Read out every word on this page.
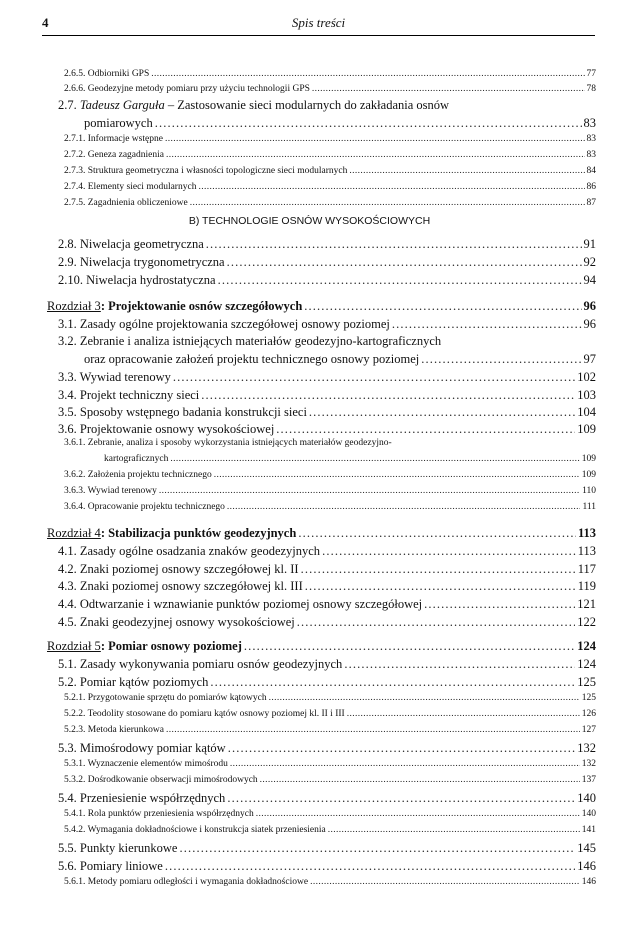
4	Spis treści
2.6.5. Odbiorniki GPS . . .	77
2.6.6. Geodezyjne metody pomiaru przy użyciu technologii GPS . . .	78
2.7. Tadeusz Garguła – Zastosowanie sieci modularnych do zakładania osnów
pomiarowych . . .	83
2.7.1. Informacje wstępne . . .	83
2.7.2. Geneza zagadnienia . . .	83
2.7.3. Struktura geometryczna i własności topologiczne sieci modularnych . . .	84
2.7.4. Elementy sieci modularnych . . .	86
2.7.5. Zagadnienia obliczeniowe . . .	87
B) TECHNOLOGIE OSNÓW WYSOKOŚCIOWYCH
2.8. Niwelacja geometryczna . . .	91
2.9. Niwelacja trygonometryczna . . .	92
2.10. Niwelacja hydrostatyczna . . .	94
Rozdział 3: Projektowanie osnów szczegółowych . . .	96
3.1. Zasady ogólne projektowania szczegółowej osnowy poziomej . . .	96
3.2. Zebranie i analiza istniejących materiałów geodezyjno-kartograficznych
oraz opracowanie założeń projektu technicznego osnowy poziomej . . .	97
3.3. Wywiad terenowy . . .	102
3.4. Projekt techniczny sieci . . .	103
3.5. Sposoby wstępnego badania konstrukcji sieci . . .	104
3.6. Projektowanie osnowy wysokościowej . . .	109
3.6.1. Zebranie, analiza i sposoby wykorzystania istniejących materiałów geodezyjno-
kartograficznych . . .	109
3.6.2. Założenia projektu technicznego . . .	109
3.6.3. Wywiad terenowy . . .	110
3.6.4. Opracowanie projektu technicznego . . .	111
Rozdział 4: Stabilizacja punktów geodezyjnych . . .	113
4.1. Zasady ogólne osadzania znaków geodezyjnych . . .	113
4.2. Znaki poziomej osnowy szczegółowej kl. II . . .	117
4.3. Znaki poziomej osnowy szczegółowej kl. III . . .	119
4.4. Odtwarzanie i wznawianie punktów poziomej osnowy szczegółowej . . .	121
4.5. Znaki geodezyjnej osnowy wysokościowej . . .	122
Rozdział 5: Pomiar osnowy poziomej . . .	124
5.1. Zasady wykonywania pomiaru osnów geodezyjnych . . .	124
5.2. Pomiar kątów poziomych . . .	125
5.2.1. Przygotowanie sprzętu do pomiarów kątowych . . .	125
5.2.2. Teodolity stosowane do pomiaru kątów osnowy poziomej kl. II i III . . .	126
5.2.3. Metoda kierunkowa . . .	127
5.3. Mimośrodowy pomiar kątów . . .	132
5.3.1. Wyznaczenie elementów mimośrodu . . .	132
5.3.2. Dośrodkowanie obserwacji mimośrodowych . . .	137
5.4. Przeniesienie współrzędnych . . .	140
5.4.1. Rola punktów przeniesienia współrzędnych . . .	140
5.4.2. Wymagania dokładnościowe i konstrukcja siatek przeniesienia . . .	141
5.5. Punkty kierunkowe . . .	145
5.6. Pomiary liniowe . . .	146
5.6.1. Metody pomiaru odległości i wymagania dokładnościowe . . .	146
